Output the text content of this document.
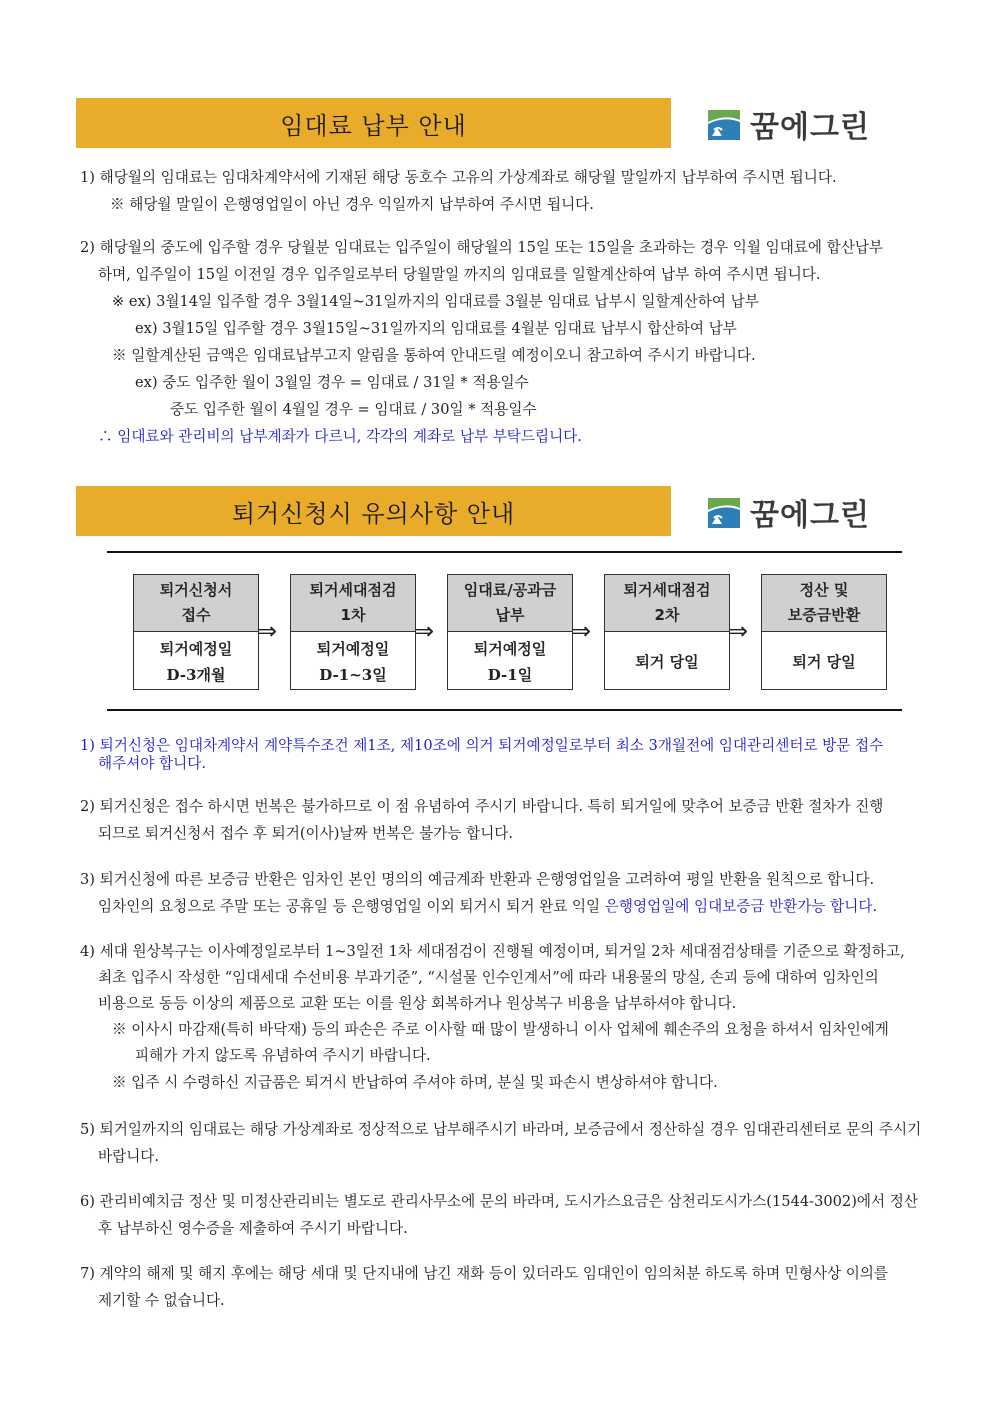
임대료 납부 안내	꿈에그린
1) 해당월의 임대료는 임대차계약서에 기재된 해당 동호수 고유의 가상계좌로 해당월 말일까지 납부하여 주시면 됩니다.
※ 해당월 말일이 은행영업일이 아닌 경우 익일까지 납부하여 주시면 됩니다.
2) 해당월의 중도에 입주할 경우 당월분 임대료는 입주일이 해당월의 15일 또는 15일을 초과하는 경우 익월 임대료에 합산납부
하며, 입주일이 15일 이전일 경우 입주일로부터 당월말일 까지의 임대료를 일할계산하여 납부 하여 주시면 됩니다.
※ ex) 3월14일 입주할 경우 3월14일~31일까지의 임대료를 3월분 임대료 납부시 일할계산하여 납부
ex) 3월15일 입주할 경우 3월15일~31일까지의 임대료를 4월분 임대료 납부시 합산하여 납부
※ 일할계산된 금액은 임대료납부고지 알림을 통하여 안내드릴 예정이오니 참고하여 주시기 바랍니다.
ex) 중도 입주한 월이 3월일 경우 = 임대료 / 31일 * 적용일수
중도 입주한 월이 4월일 경우 = 임대료 / 30일 * 적용일수
∴ 임대료와 관리비의 납부계좌가 다르니, 각각의 계좌로 납부 부탁드립니다.
퇴거신청시 유의사항 안내	꿈에그린
퇴거신청서
접수
퇴거예정일
D-3개월
⇒
퇴거세대점검
1차
퇴거예정일
D-1~3일
⇒
임대료/공과금
납부
퇴거예정일
D-1일
⇒
퇴거세대점검
2차
퇴거 당일
⇒
정산 및
보증금반환
퇴거 당일
1) 퇴거신청은 임대차계약서 계약특수조건 제1조, 제10조에 의거 퇴거예정일로부터 최소 3개월전에 임대관리센터로 방문 접수
해주셔야 합니다.
2) 퇴거신청은 접수 하시면 번복은 불가하므로 이 점 유념하여 주시기 바랍니다. 특히 퇴거일에 맞추어 보증금 반환 절차가 진행
되므로 퇴거신청서 접수 후 퇴거(이사)날짜 번복은 불가능 합니다.
3) 퇴거신청에 따른 보증금 반환은 임차인 본인 명의의 예금계좌 반환과 은행영업일을 고려하여 평일 반환을 원칙으로 합니다.
임차인의 요청으로 주말 또는 공휴일 등 은행영업일 이외 퇴거시 퇴거 완료 익일 은행영업일에 임대보증금 반환가능 합니다.
4) 세대 원상복구는 이사예정일로부터 1~3일전 1차 세대점검이 진행될 예정이며, 퇴거일 2차 세대점검상태를 기준으로 확정하고,
최초 입주시 작성한 “임대세대 수선비용 부과기준”, “시설물 인수인계서”에 따라 내용물의 망실, 손괴 등에 대하여 임차인의
비용으로 동등 이상의 제품으로 교환 또는 이를 원상 회복하거나 원상복구 비용을 납부하셔야 합니다.
※ 이사시 마감재(특히 바닥재) 등의 파손은 주로 이사할 때 많이 발생하니 이사 업체에 훼손주의 요청을 하셔서 임차인에게
피해가 가지 않도록 유념하여 주시기 바랍니다.
※ 입주 시 수령하신 지급품은 퇴거시 반납하여 주셔야 하며, 분실 및 파손시 변상하셔야 합니다.
5) 퇴거일까지의 임대료는 해당 가상계좌로 정상적으로 납부해주시기 바라며, 보증금에서 정산하실 경우 임대관리센터로 문의 주시기
바랍니다.
6) 관리비예치금 정산 및 미정산관리비는 별도로 관리사무소에 문의 바라며, 도시가스요금은 삼천리도시가스(1544-3002)에서 정산
후 납부하신 영수증을 제출하여 주시기 바랍니다.
7) 계약의 해제 및 해지 후에는 해당 세대 및 단지내에 남긴 재화 등이 있더라도 임대인이 임의처분 하도록 하며 민형사상 이의를
제기할 수 없습니다.
